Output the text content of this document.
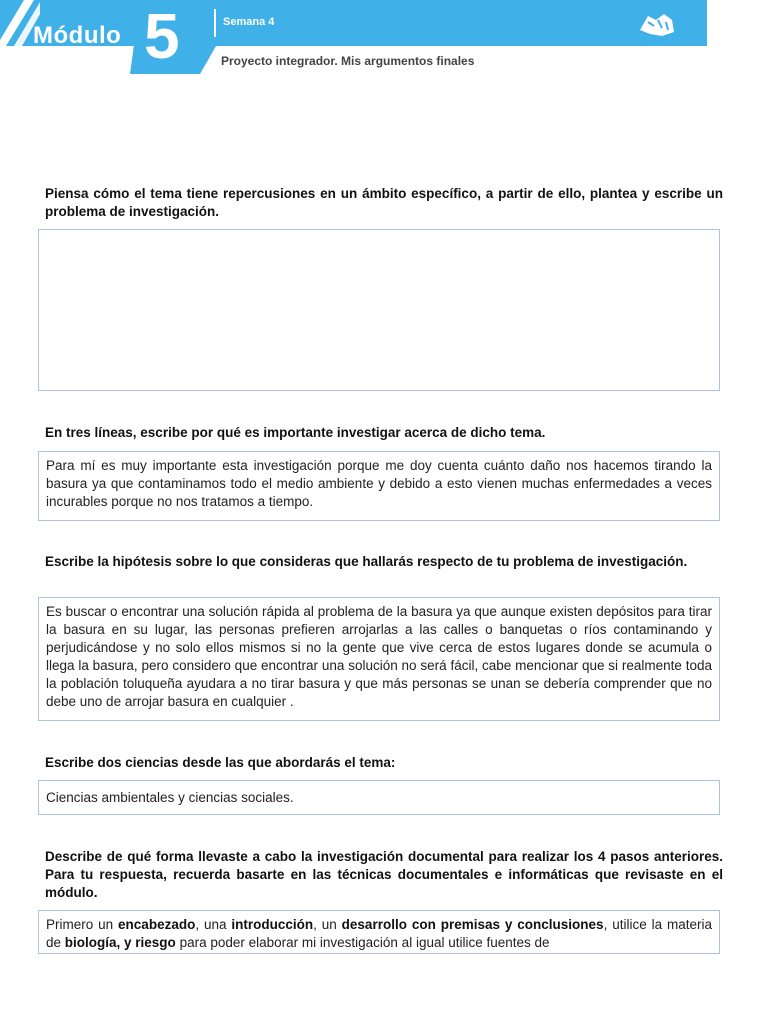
Módulo 5	Semana 4
Proyecto integrador. Mis argumentos finales
Piensa cómo el tema tiene repercusiones en un ámbito específico, a partir de ello, plantea y escribe un problema de investigación.
En tres líneas, escribe por qué es importante investigar acerca de dicho tema.
Para mí es muy importante esta investigación porque me doy cuenta cuánto daño nos hacemos tirando la basura ya que contaminamos todo el medio ambiente y debido a esto vienen muchas enfermedades a veces incurables porque no nos tratamos a tiempo.
Escribe la hipótesis sobre lo que consideras que hallarás respecto de tu problema de investigación.
Es buscar o encontrar una solución rápida al problema de la basura ya que aunque existen depósitos para tirar la basura en su lugar, las personas prefieren arrojarlas a las calles o banquetas o ríos contaminando y perjudicándose y no solo ellos mismos si no la gente que vive cerca de estos lugares donde se acumula o llega la basura, pero considero que encontrar una solución no será fácil, cabe mencionar que si realmente toda la población toluqueña ayudara a no tirar basura y que más personas se unan se debería comprender que no debe uno de arrojar basura en cualquier .
Escribe dos ciencias desde las que abordarás el tema:
Ciencias ambientales y ciencias sociales.
Describe de qué forma llevaste a cabo la investigación documental para realizar los 4 pasos anteriores. Para tu respuesta, recuerda basarte en las técnicas documentales e informáticas que revisaste en el módulo.
Primero un encabezado, una introducción, un desarrollo con premisas y conclusiones, utilice la materia de biología, y riesgo para poder elaborar mi investigación al igual utilice fuentes de
